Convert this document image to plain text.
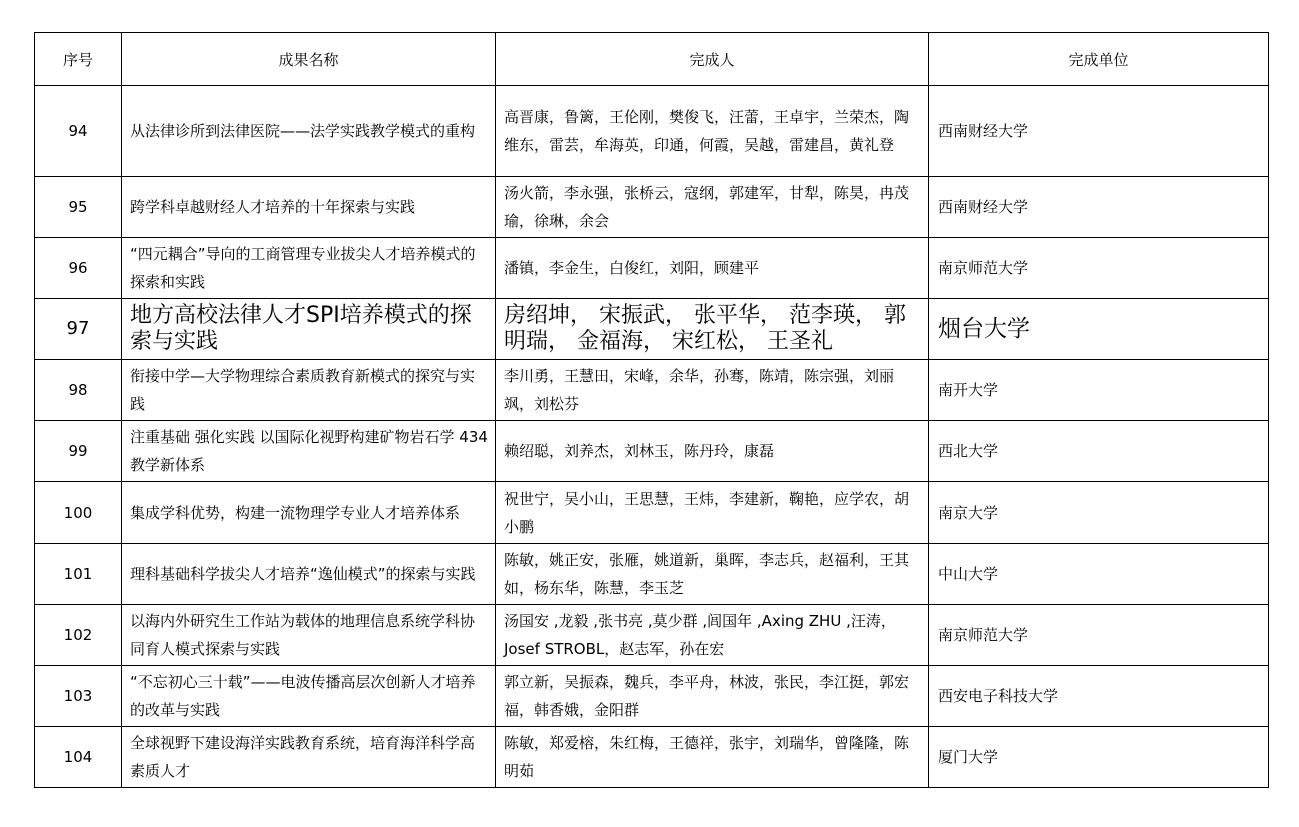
序号	成果名称	完成人	完成单位
94	从法律诊所到法律医院——法学实践教学模式的重构	高晋康，鲁篱，王伦刚，樊俊飞，汪蕾，王卓宇，兰荣杰，陶维东，雷芸，牟海英，印通，何霞，吴越，雷建昌，黄礼登	西南财经大学
95	跨学科卓越财经人才培养的十年探索与实践	汤火箭，李永强，张桥云，寇纲，郭建军，甘犁，陈昊，冉茂瑜，徐琳，余会	西南财经大学
96	“四元耦合”导向的工商管理专业拔尖人才培养模式的探索和实践	潘镇，李金生，白俊红，刘阳，顾建平	南京师范大学
97	地方高校法律人才SPI培养模式的探索与实践	房绍坤， 宋振武， 张平华， 范李瑛， 郭明瑞， 金福海， 宋红松， 王圣礼	烟台大学
98	衔接中学—大学物理综合素质教育新模式的探究与实践	李川勇，王慧田，宋峰，余华，孙骞，陈靖，陈宗强，刘丽飒，刘松芬	南开大学
99	注重基础 强化实践 以国际化视野构建矿物岩石学 434 教学新体系	赖绍聪，刘养杰，刘林玉，陈丹玲，康磊	西北大学
100	集成学科优势，构建一流物理学专业人才培养体系	祝世宁，吴小山，王思慧，王炜，李建新，鞠艳，应学农，胡小鹏	南京大学
101	理科基础科学拔尖人才培养“逸仙模式”的探索与实践	陈敏，姚正安，张雁，姚道新，巢晖，李志兵，赵福利，王其如，杨东华，陈慧，李玉芝	中山大学
102	以海内外研究生工作站为载体的地理信息系统学科协同育人模式探索与实践	汤国安 ,龙毅 ,张书亮 ,莫少群 ,闾国年 ,Axing ZHU ,汪涛，Josef STROBL，赵志军，孙在宏	南京师范大学
103	“不忘初心三十载”——电波传播高层次创新人才培养的改革与实践	郭立新，吴振森，魏兵，李平舟，林波，张民，李江挺，郭宏福，韩香娥，金阳群	西安电子科技大学
104	全球视野下建设海洋实践教育系统，培育海洋科学高素质人才	陈敏，郑爱榕，朱红梅，王德祥，张宇，刘瑞华，曾隆隆，陈明茹	厦门大学
